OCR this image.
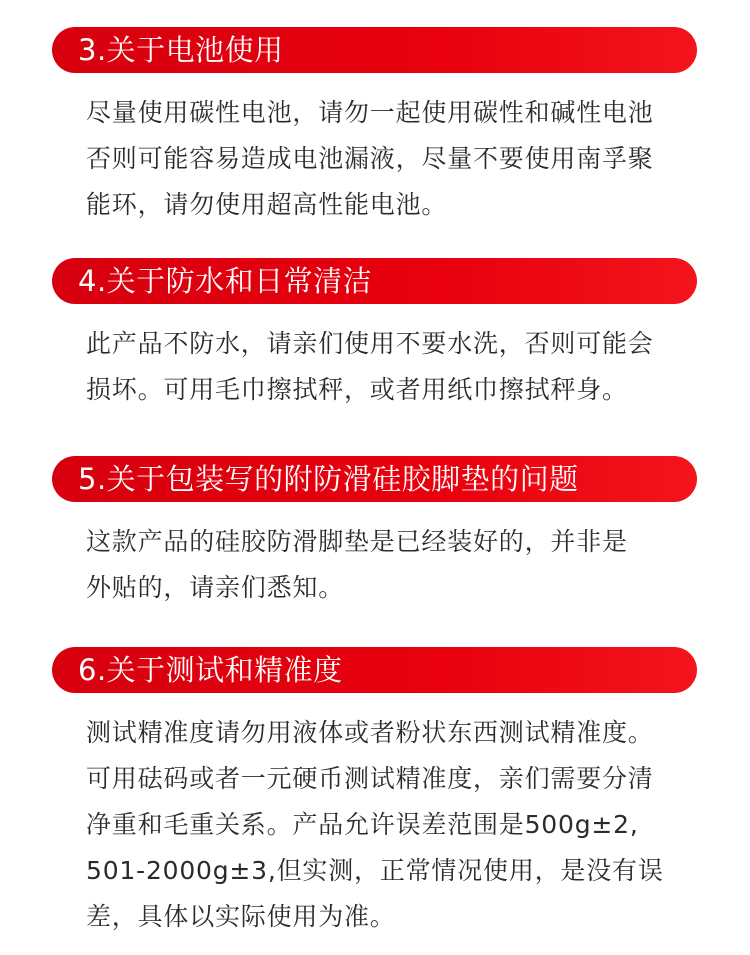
3.关于电池使用
尽量使用碳性电池，请勿一起使用碳性和碱性电池
否则可能容易造成电池漏液，尽量不要使用南孚聚
能环，请勿使用超高性能电池。
4.关于防水和日常清洁
此产品不防水，请亲们使用不要水洗，否则可能会
损坏。可用毛巾擦拭秤，或者用纸巾擦拭秤身。
5.关于包装写的附防滑硅胶脚垫的问题
这款产品的硅胶防滑脚垫是已经装好的，并非是
外贴的，请亲们悉知。
6.关于测试和精准度
测试精准度请勿用液体或者粉状东西测试精准度。
可用砝码或者一元硬币测试精准度，亲们需要分清
净重和毛重关系。产品允许误差范围是500g±2,
501-2000g±3,但实测，正常情况使用，是没有误
差，具体以实际使用为准。
